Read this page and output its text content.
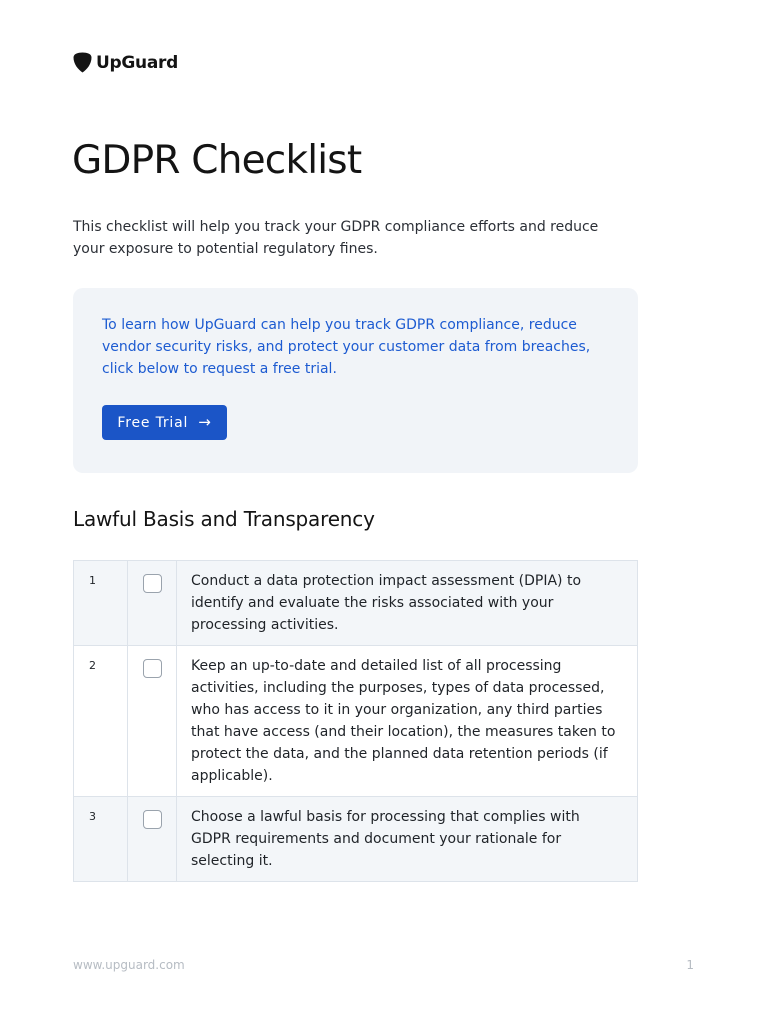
UpGuard
GDPR Checklist

This checklist will help you track your GDPR compliance efforts and reduce your exposure to potential regulatory fines.

To learn how UpGuard can help you track GDPR compliance, reduce vendor security risks, and protect your customer data from breaches, click below to request a free trial.

Free Trial →
Lawful Basis and Transparency
1	Conduct a data protection impact assessment (DPIA) to identify and evaluate the risks associated with your processing activities.
2	Keep an up-to-date and detailed list of all processing activities, including the purposes, types of data processed, who has access to it in your organization, any third parties that have access (and their location), the measures taken to protect the data, and the planned data retention periods (if applicable).
3	Choose a lawful basis for processing that complies with GDPR requirements and document your rationale for selecting it.
www.upguard.com	1
